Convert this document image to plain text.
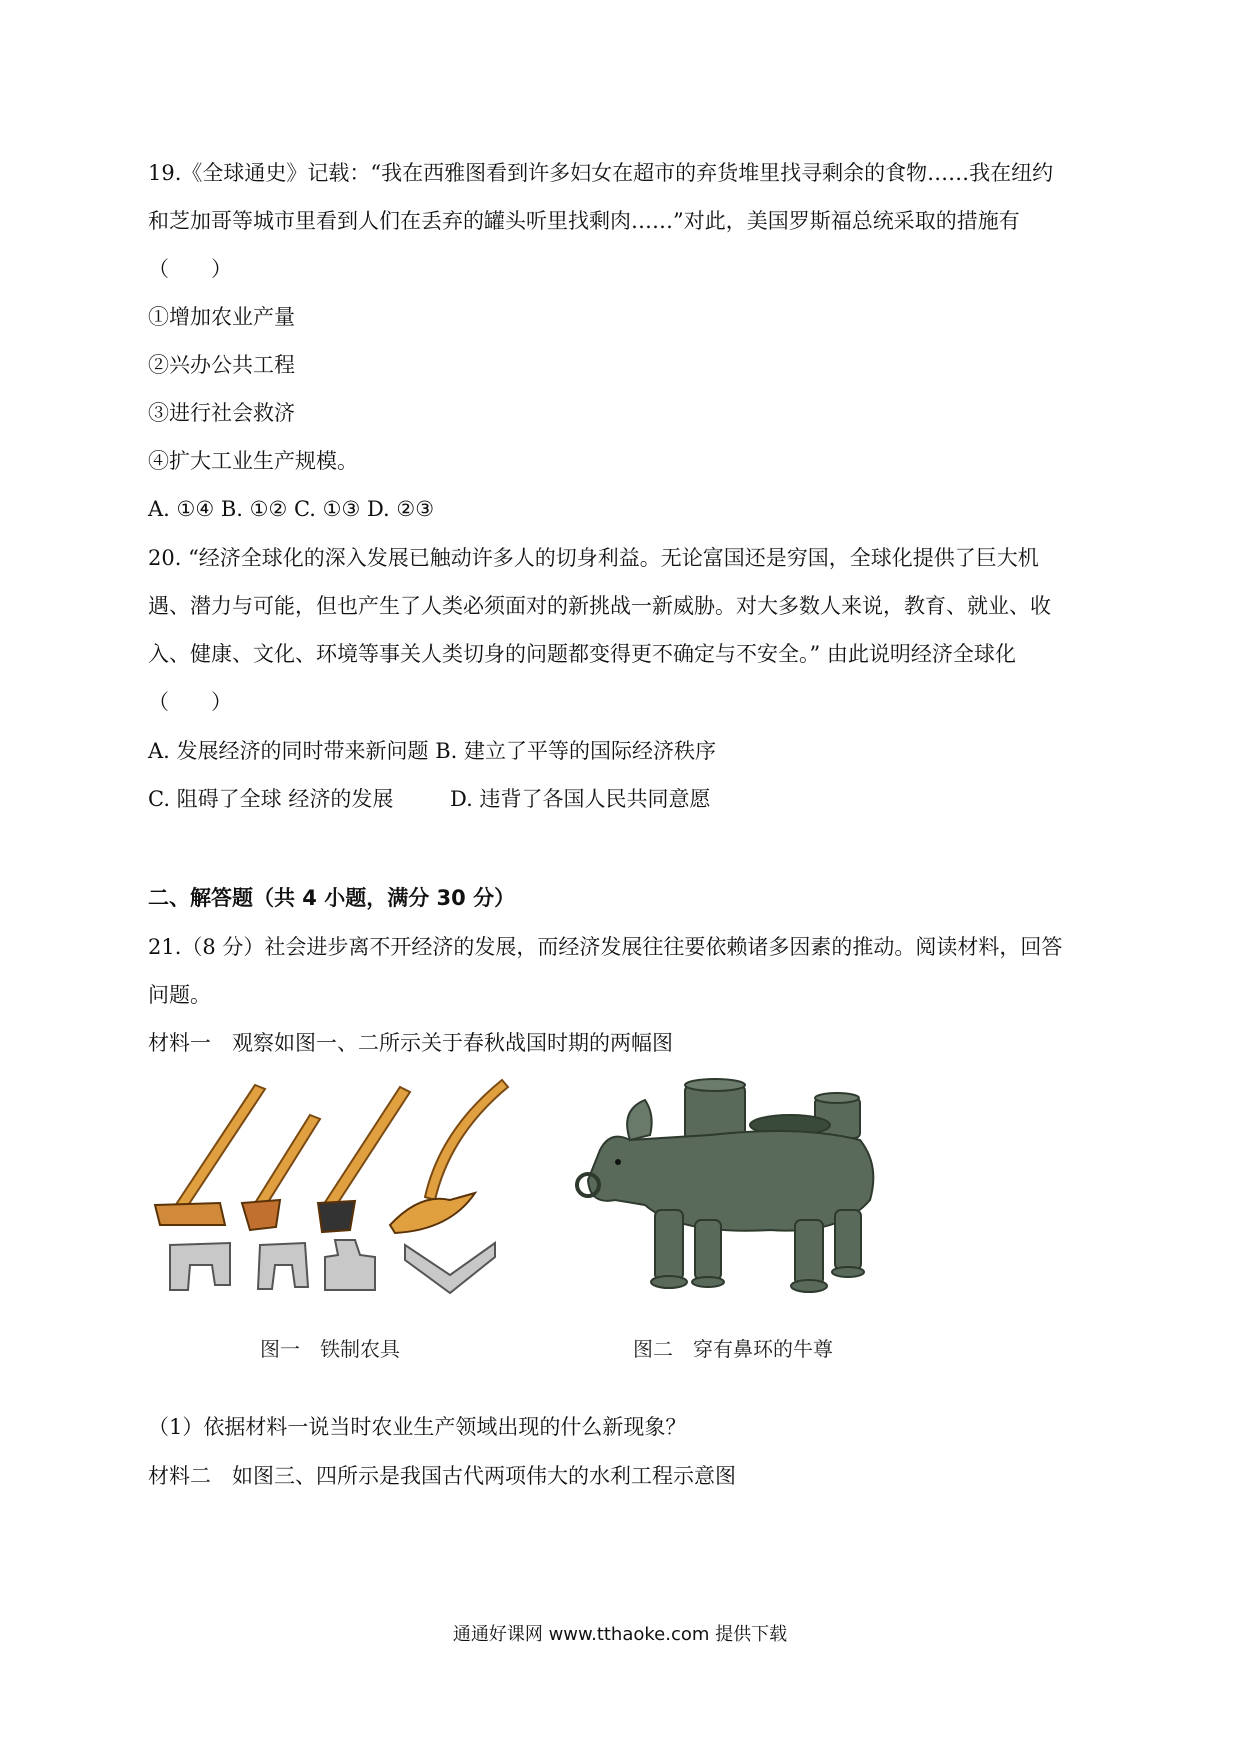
19.《全球通史》记载：“我在西雅图看到许多妇女在超市的弃货堆里找寻剩余的食物……我在纽约
和芝加哥等城市里看到人们在丢弃的罐头听里找剩肉……”对此，美国罗斯福总统采取的措施有
（　　）
①增加农业产量
②兴办公共工程
③进行社会救济
④扩大工业生产规模。
A. ①④ B. ①② C. ①③ D. ②③
20. “经济全球化的深入发展已触动许多人的切身利益。无论富国还是穷国，全球化提供了巨大机
遇、潜力与可能，但也产生了人类必须面对的新挑战一新威胁。对大多数人来说，教育、就业、收
入、健康、文化、环境等事关人类切身的问题都变得更不确定与不安全。” 由此说明经济全球化
（　　）
A. 发展经济的同时带来新问题 B. 建立了平等的国际经济秩序
C. 阻碍了全球 经济的发展	D. 违背了各国人民共同意愿
二、解答题（共 4 小题，满分 30 分）
21.（8 分）社会进步离不开经济的发展，而经济发展往往要依赖诸多因素的推动。阅读材料，回答
问题。
材料一　观察如图一、二所示关于春秋战国时期的两幅图
图一　铁制农具	图二　穿有鼻环的牛尊
（1）依据材料一说当时农业生产领域出现的什么新现象？
材料二　如图三、四所示是我国古代两项伟大的水利工程示意图
通通好课网 www.tthaoke.com 提供下载
